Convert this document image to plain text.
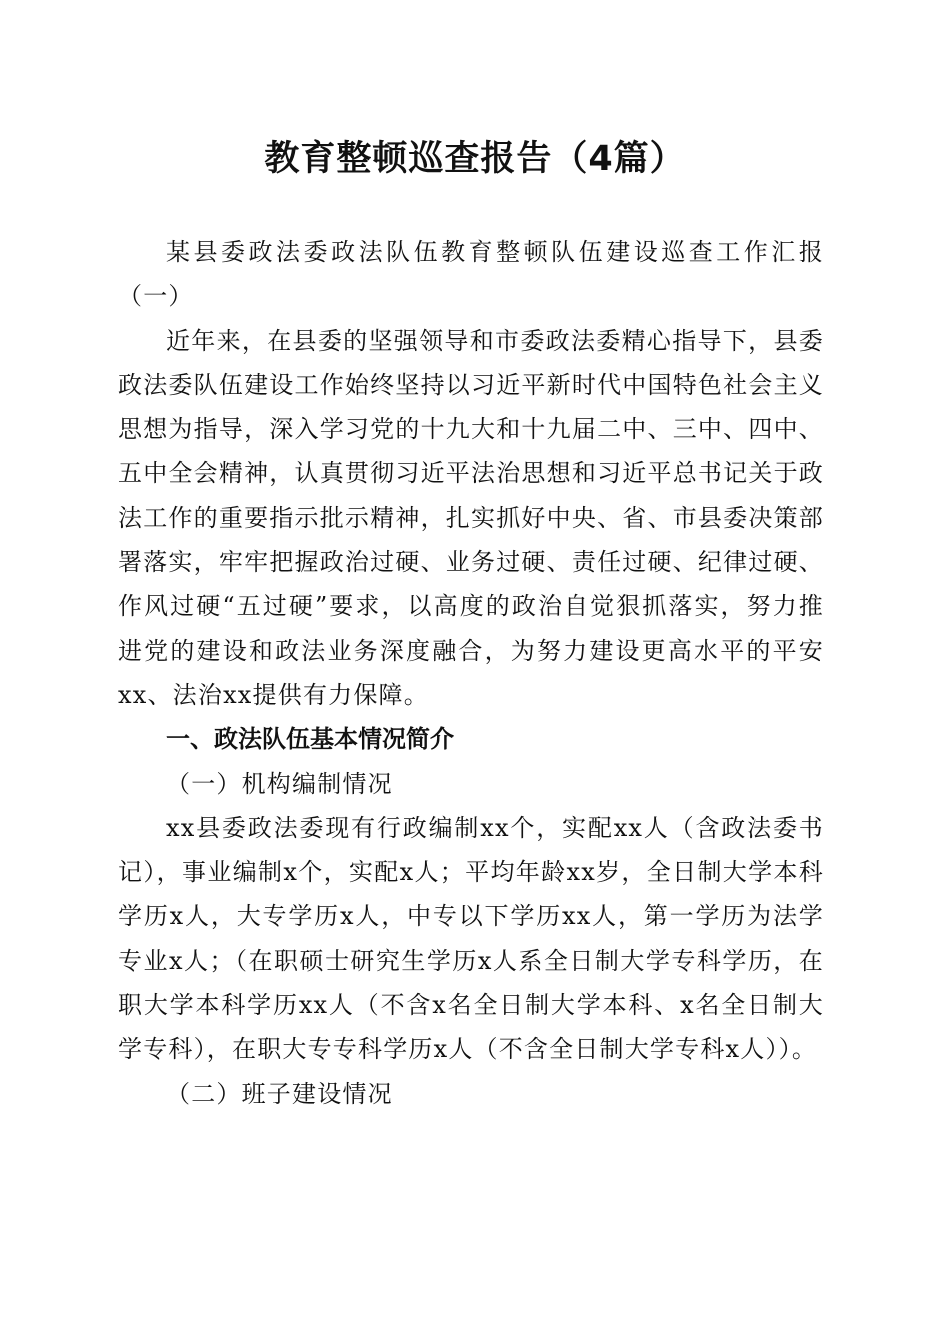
教育整顿巡查报告（4篇）

某县委政法委政法队伍教育整顿队伍建设巡查工作汇报（一）

近年来，在县委的坚强领导和市委政法委精心指导下，县委政法委队伍建设工作始终坚持以习近平新时代中国特色社会主义思想为指导，深入学习党的十九大和十九届二中、三中、四中、五中全会精神，认真贯彻习近平法治思想和习近平总书记关于政法工作的重要指示批示精神，扎实抓好中央、省、市县委决策部署落实，牢牢把握政治过硬、业务过硬、责任过硬、纪律过硬、作风过硬“五过硬”要求，以高度的政治自觉狠抓落实，努力推进党的建设和政法业务深度融合，为努力建设更高水平的平安xx、法治xx提供有力保障。

一、政法队伍基本情况简介

（一）机构编制情况

xx县委政法委现有行政编制xx个，实配xx人（含政法委书记），事业编制x个，实配x人；平均年龄xx岁，全日制大学本科学历x人，大专学历x人，中专以下学历xx人，第一学历为法学专业x人；（在职硕士研究生学历x人系全日制大学专科学历，在职大学本科学历xx人（不含x名全日制大学本科、x名全日制大学专科），在职大专专科学历x人（不含全日制大学专科x人））。

（二）班子建设情况
